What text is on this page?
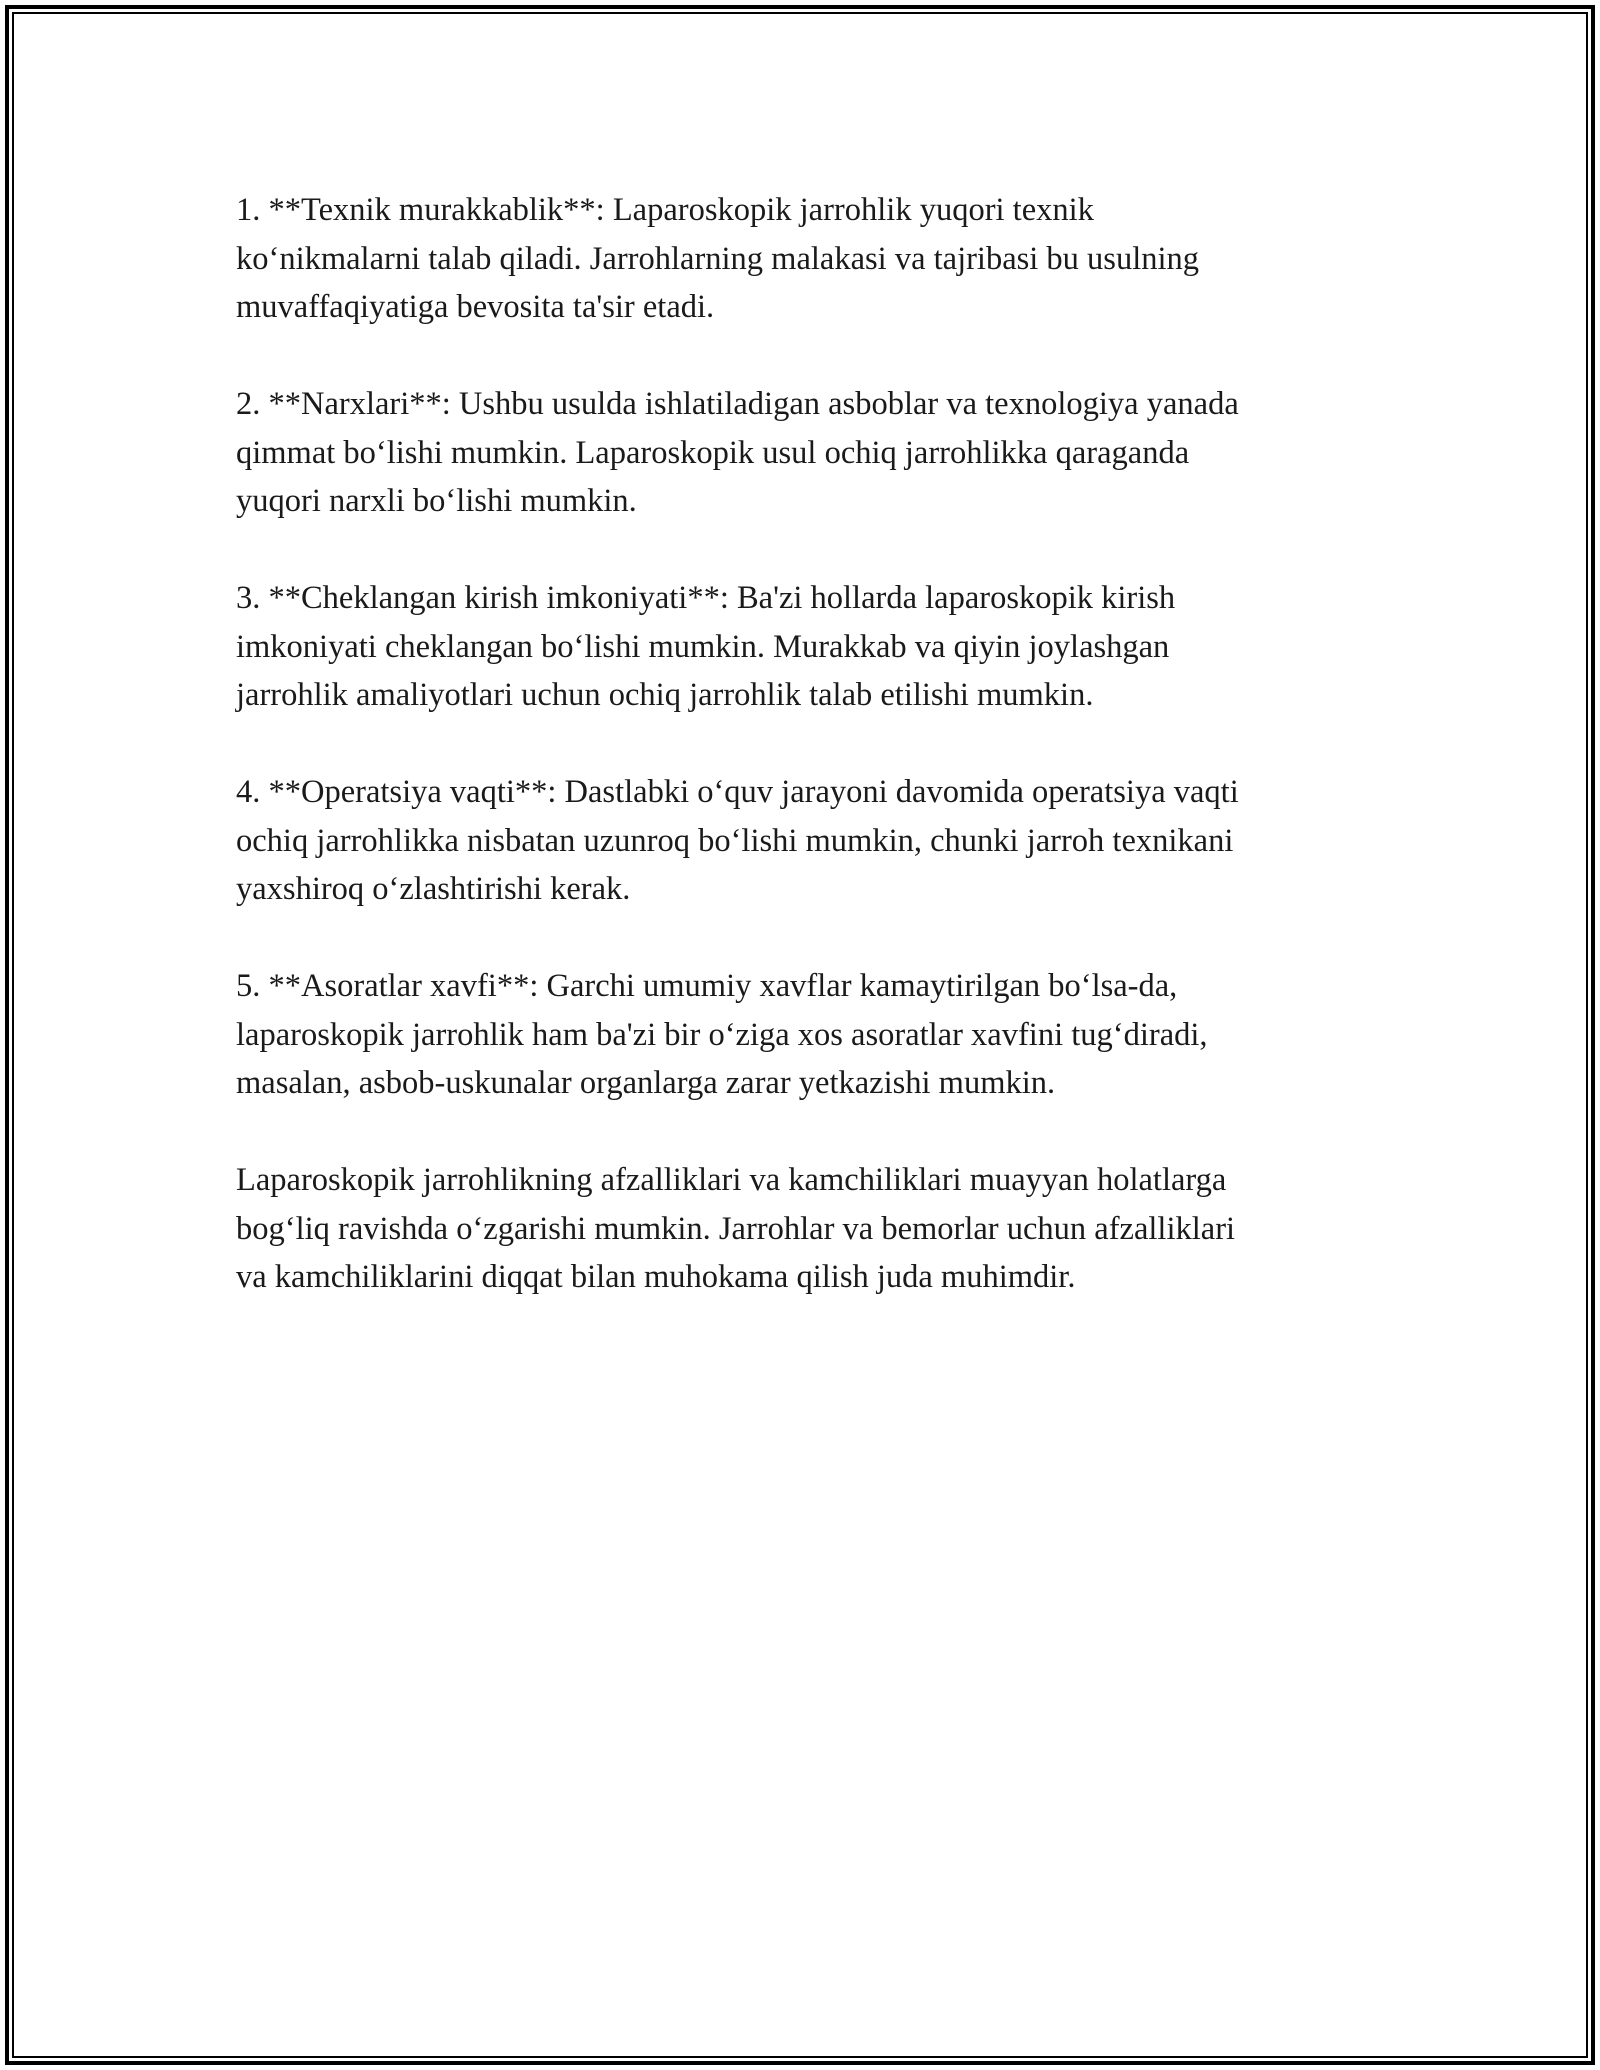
1. **Texnik murakkablik**: Laparoskopik jarrohlik yuqori texnik
ko‘nikmalarni talab qiladi. Jarrohlarning malakasi va tajribasi bu usulning
muvaffaqiyatiga bevosita ta'sir etadi.

2. **Narxlari**: Ushbu usulda ishlatiladigan asboblar va texnologiya yanada
qimmat bo‘lishi mumkin. Laparoskopik usul ochiq jarrohlikka qaraganda
yuqori narxli bo‘lishi mumkin.

3. **Cheklangan kirish imkoniyati**: Ba'zi hollarda laparoskopik kirish
imkoniyati cheklangan bo‘lishi mumkin. Murakkab va qiyin joylashgan
jarrohlik amaliyotlari uchun ochiq jarrohlik talab etilishi mumkin.

4. **Operatsiya vaqti**: Dastlabki o‘quv jarayoni davomida operatsiya vaqti
ochiq jarrohlikka nisbatan uzunroq bo‘lishi mumkin, chunki jarroh texnikani
yaxshiroq o‘zlashtirishi kerak.

5. **Asoratlar xavfi**: Garchi umumiy xavflar kamaytirilgan bo‘lsa-da,
laparoskopik jarrohlik ham ba'zi bir o‘ziga xos asoratlar xavfini tug‘diradi,
masalan, asbob-uskunalar organlarga zarar yetkazishi mumkin.

Laparoskopik jarrohlikning afzalliklari va kamchiliklari muayyan holatlarga
bog‘liq ravishda o‘zgarishi mumkin. Jarrohlar va bemorlar uchun afzalliklari
va kamchiliklarini diqqat bilan muhokama qilish juda muhimdir.
